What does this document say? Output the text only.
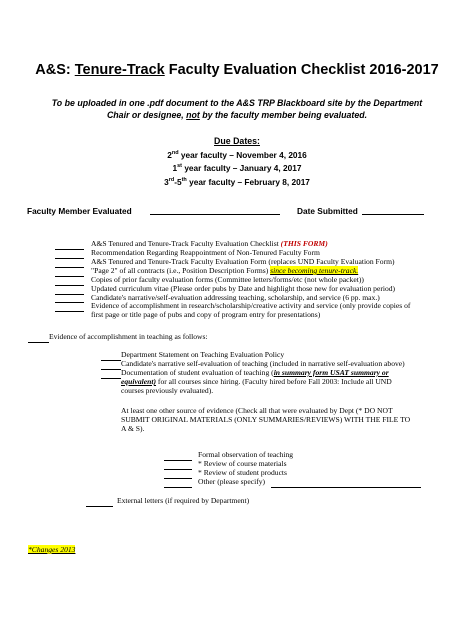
A&S: Tenure-Track Faculty Evaluation Checklist 2016-2017
To be uploaded in one .pdf document to the A&S TRP Blackboard site by the Department Chair or designee, not by the faculty member being evaluated.
Due Dates:
2nd year faculty – November 4, 2016
1st year faculty – January 4, 2017
3rd-5th year faculty – February 8, 2017
Faculty Member Evaluated	Date Submitted
A&S Tenured and Tenure-Track Faculty Evaluation Checklist (THIS FORM)
Recommendation Regarding Reappointment of Non-Tenured Faculty Form
A&S Tenured and Tenure-Track Faculty Evaluation Form (replaces UND Faculty Evaluation Form)
"Page 2" of all contracts (i.e., Position Description Forms) since becoming tenure-track.
Copies of prior faculty evaluation forms (Committee letters/forms/etc (not whole packet))
Updated curriculum vitae (Please order pubs by Date and highlight those new for evaluation period)
Candidate's narrative/self-evaluation addressing teaching, scholarship, and service (6 pp. max.)
Evidence of accomplishment in research/scholarship/creative activity and service (only provide copies of
first page or title page of pubs and copy of program entry for presentations)
Evidence of accomplishment in teaching as follows:
Department Statement on Teaching Evaluation Policy
Candidate's narrative self-evaluation of teaching (included in narrative self-evaluation above)
Documentation of student evaluation of teaching (in summary form USAT summary or
equivalent) for all courses since hiring. (Faculty hired before Fall 2003: Include all UND
courses previously evaluated).
At least one other source of evidence (Check all that were evaluated by Dept (* DO NOT
SUBMIT ORIGINAL MATERIALS (ONLY SUMMARIES/REVIEWS) WITH THE FILE TO
A & S).
Formal observation of teaching
* Review of course materials
* Review of student products
Other (please specify)
External letters (if required by Department)
*Changes 2013
